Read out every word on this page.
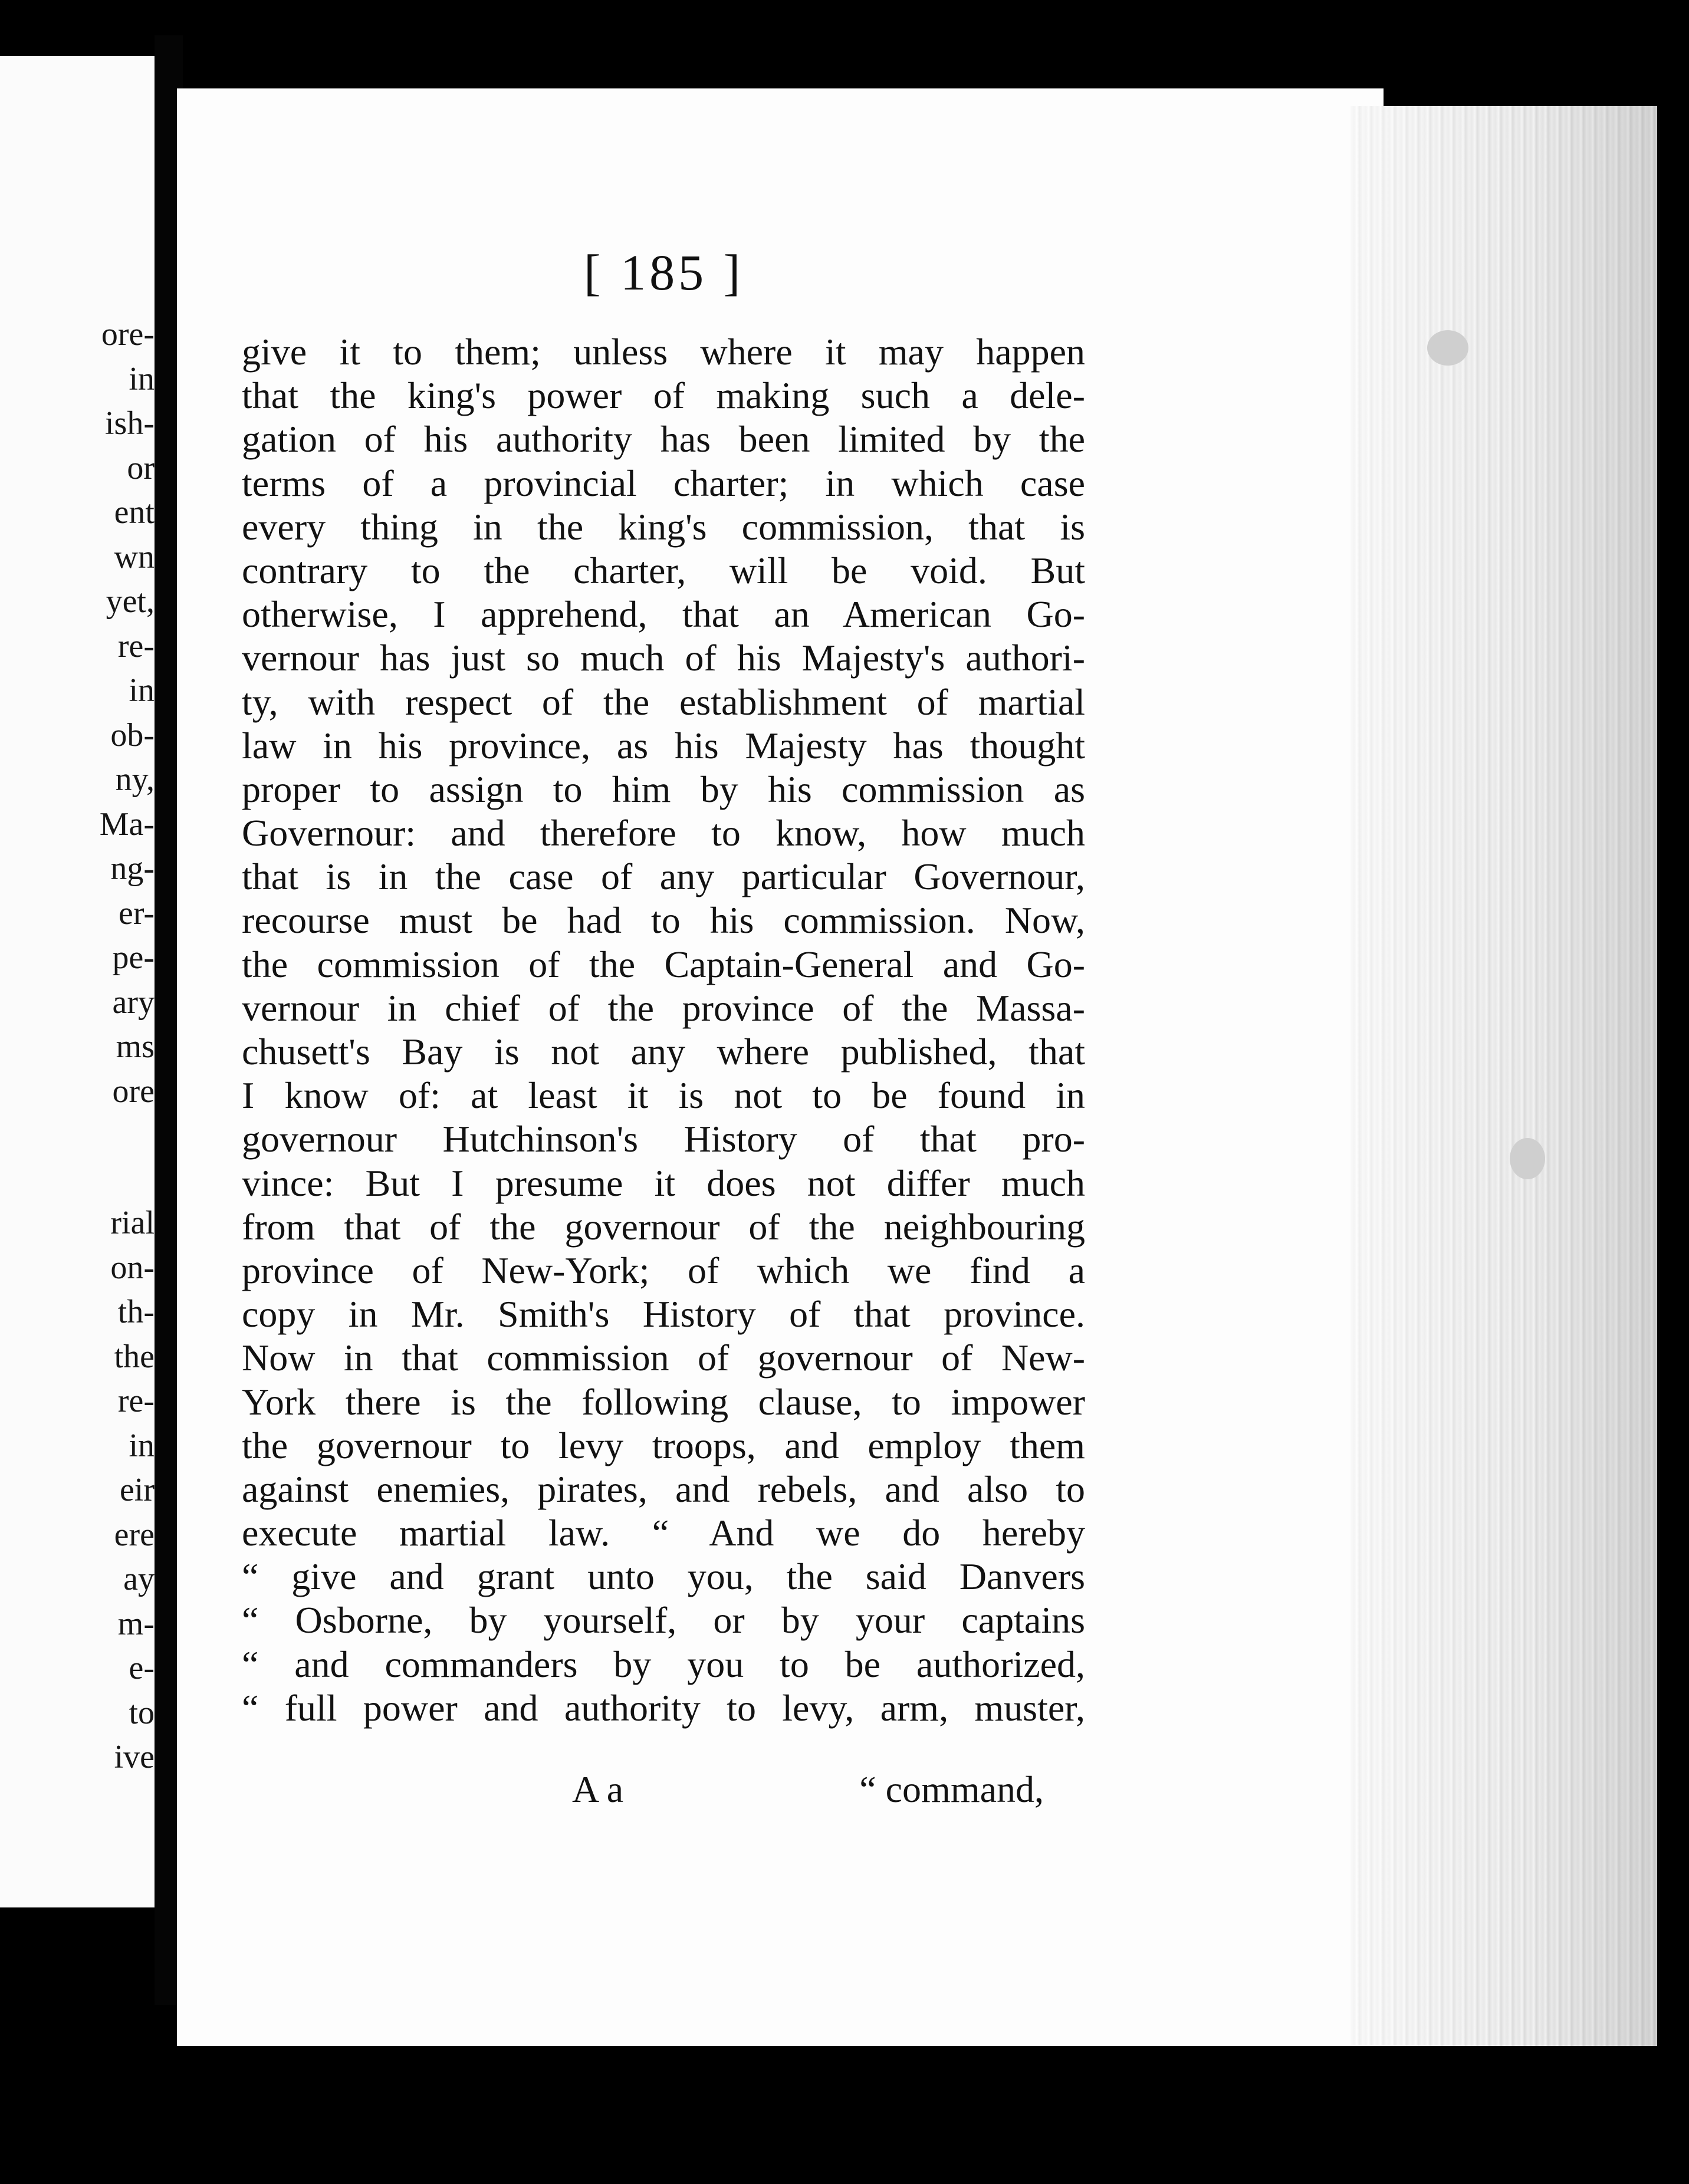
ore-
in
ish-
or
ent
wn
yet,
re-
in
ob-
ny,
Ma-
ng-
er-
pe-
ary
ms
ore
rial
on-
th-
the
re-
in
eir
ere
ay
m-
e-
to
ive
[ 185 ]
give it to them; unless where it may happen
that the king's power of making such a dele-
gation of his authority has been limited by the
terms of a provincial charter; in which case
every thing in the king's commission, that is
contrary to the charter, will be void. But
otherwise, I apprehend, that an American Go-
vernour has just so much of his Majesty's authori-
ty, with respect of the establishment of martial
law in his province, as his Majesty has thought
proper to assign to him by his commission as
Governour: and therefore to know, how much
that is in the case of any particular Governour,
recourse must be had to his commission. Now,
the commission of the Captain-General and Go-
vernour in chief of the province of the Massa-
chusett's Bay is not any where published, that
I know of: at least it is not to be found in
governour Hutchinson's History of that pro-
vince: But I presume it does not differ much
from that of the governour of the neighbouring
province of New-York; of which we find a
copy in Mr. Smith's History of that province.
Now in that commission of governour of New-
York there is the following clause, to impower
the governour to levy troops, and employ them
against enemies, pirates, and rebels, and also to
execute martial law. “ And we do hereby
“ give and grant unto you, the said Danvers
“ Osborne, by yourself, or by your captains
“ and commanders by you to be authorized,
“ full power and authority to levy, arm, muster,
A a	“ command,
